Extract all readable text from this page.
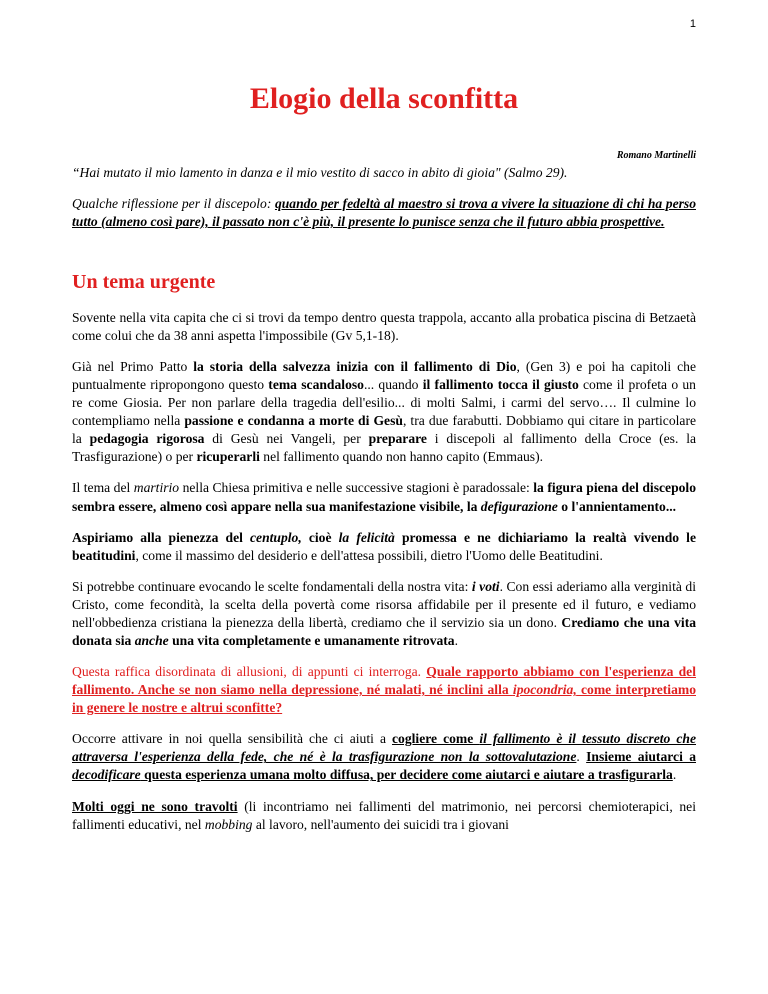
1
Elogio della sconfitta
Romano Martinelli

“Hai mutato il mio lamento in danza e il mio vestito di sacco in abito di gioia" (Salmo 29).

Qualche riflessione per il discepolo: quando per fedeltà al maestro si trova a vivere la situazione di chi ha perso tutto (almeno così pare), il passato non c'è più, il presente lo punisce senza che il futuro abbia prospettive.

Un tema urgente

Sovente nella vita capita che ci si trovi da tempo dentro questa trappola, accanto alla probatica piscina di Betzaetà come colui che da 38 anni aspetta l'impossibile (Gv 5,1-18).

Già nel Primo Patto la storia della salvezza inizia con il fallimento di Dio, (Gen 3) e poi ha capitoli che puntualmente ripropongono questo tema scandaloso... quando il fallimento tocca il giusto come il profeta o un re come Giosia. Per non parlare della tragedia dell'esilio... di molti Salmi, i carmi del servo…. Il culmine lo contempliamo nella passione e condanna a morte di Gesù, tra due farabutti. Dobbiamo qui citare in particolare la pedagogia rigorosa di Gesù nei Vangeli, per preparare i discepoli al fallimento della Croce (es. la Trasfigurazione) o per ricuperarli nel fallimento quando non hanno capito (Emmaus).

Il tema del martirio nella Chiesa primitiva e nelle successive stagioni è paradossale: la figura piena del discepolo sembra essere, almeno così appare nella sua manifestazione visibile, la defigurazione o l'annientamento...

Aspiriamo alla pienezza del centuplo, cioè la felicità promessa e ne dichiariamo la realtà vivendo le beatitudini, come il massimo del desiderio e dell'attesa possibili, dietro l'Uomo delle Beatitudini.

Si potrebbe continuare evocando le scelte fondamentali della nostra vita: i voti. Con essi aderiamo alla verginità di Cristo, come fecondità, la scelta della povertà come risorsa affidabile per il presente ed il futuro, e vediamo nell'obbedienza cristiana la pienezza della libertà, crediamo che il servizio sia un dono. Crediamo che una vita donata sia anche una vita completamente e umanamente ritrovata.

Questa raffica disordinata di allusioni, di appunti ci interroga. Quale rapporto abbiamo con l'esperienza del fallimento. Anche se non siamo nella depressione, né malati, né inclini alla ipocondria, come interpretiamo in genere le nostre e altrui sconfitte?

Occorre attivare in noi quella sensibilità che ci aiuti a cogliere come il fallimento è il tessuto discreto che attraversa l'esperienza della fede, che né è la trasfigurazione non la sottovalutazione. Insieme aiutarci a decodificare questa esperienza umana molto diffusa, per decidere come aiutarci e aiutare a trasfigurarla.

Molti oggi ne sono travolti (li incontriamo nei fallimenti del matrimonio, nei percorsi chemioterapici, nei fallimenti educativi, nel mobbing al lavoro, nell'aumento dei suicidi tra i giovani
